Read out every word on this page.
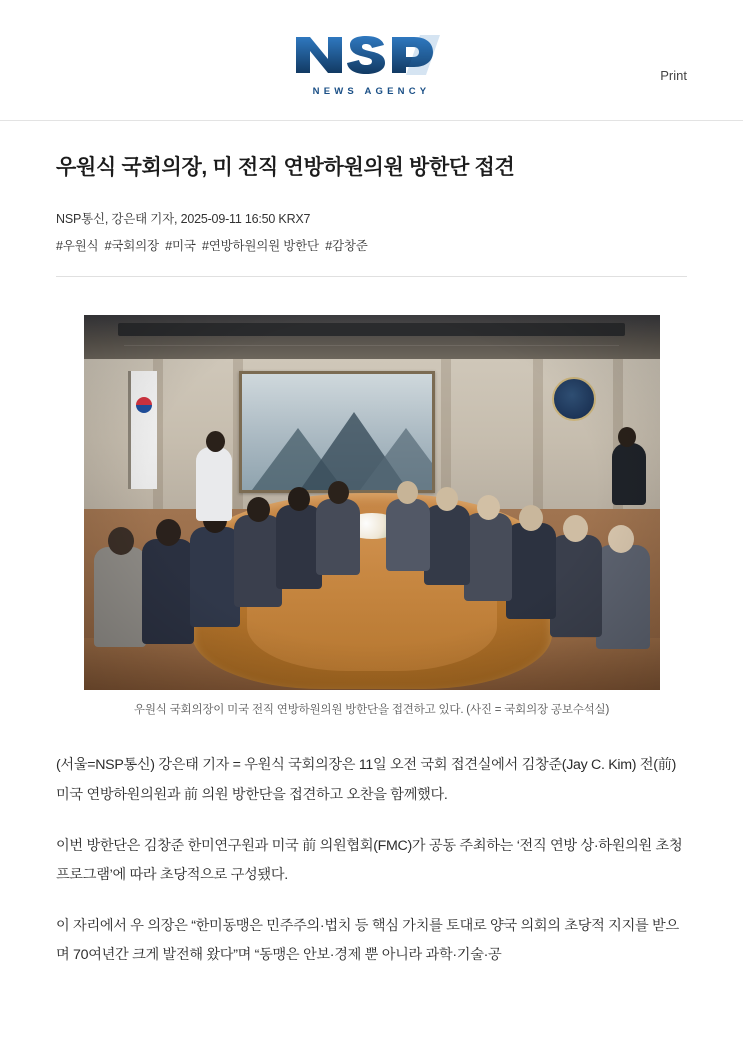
NEWS AGENCY
Print
우원식 국회의장, 미 전직 연방하원의원 방한단 접견
NSP통신, 강은태 기자, 2025-09-11 16:50 KRX7
#우원식 #국회의장 #미국 #연방하원의원 방한단 #감창준
우원식 국회의장이 미국 전직 연방하원의원 방한단을 접견하고 있다. (사진 = 국회의장 공보수석실)

(서울=NSP통신) 강은태 기자 = 우원식 국회의장은 11일 오전 국회 접견실에서 김창준(Jay C. Kim) 전(前) 미국 연방하원의원과 前 의원 방한단을 접견하고 오찬을 함께했다.

이번 방한단은 김창준 한미연구원과 미국 前 의원협회(FMC)가 공동 주최하는 ‘전직 연방 상·하원의원 초청 프로그램’에 따라 초당적으로 구성됐다.

이 자리에서 우 의장은 “한미동맹은 민주주의·법치 등 핵심 가치를 토대로 양국 의회의 초당적 지지를 받으며 70여년간 크게 발전해 왔다”며 “동맹은 안보·경제 뿐 아니라 과학·기술·공
